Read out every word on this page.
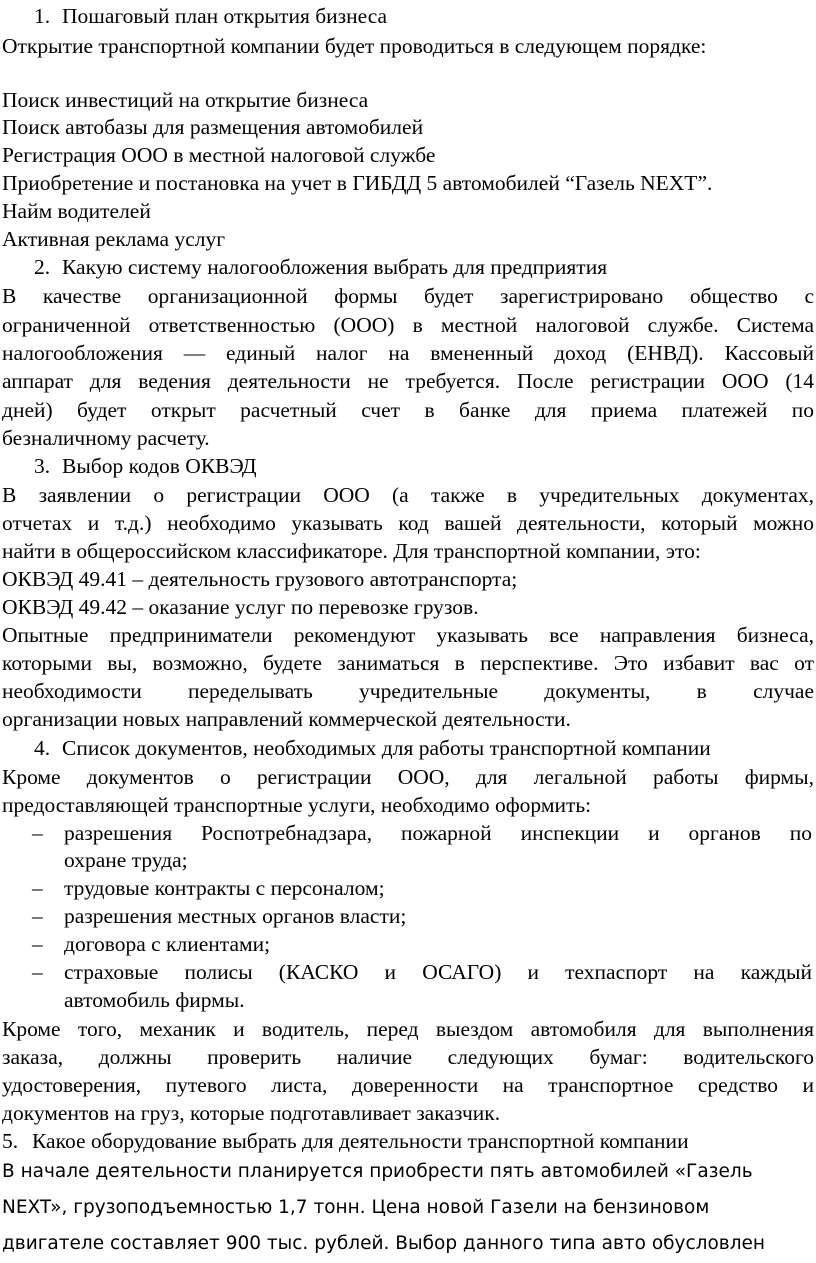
1. Пошаговый план открытия бизнеса
Открытие транспортной компании будет проводиться в следующем порядке:
Поиск инвестиций на открытие бизнеса
Поиск автобазы для размещения автомобилей
Регистрация ООО в местной налоговой службе
Приобретение и постановка на учет в ГИБДД 5 автомобилей “Газель NEXT”.
Найм водителей
Активная реклама услуг
2. Какую систему налогообложения выбрать для предприятия
В качестве организационной формы будет зарегистрировано общество с
ограниченной ответственностью (ООО) в местной налоговой службе. Система
налогообложения — единый налог на вмененный доход (ЕНВД). Кассовый
аппарат для ведения деятельности не требуется. После регистрации ООО (14
дней) будет открыт расчетный счет в банке для приема платежей по
безналичному расчету.
3. Выбор кодов ОКВЭД
В заявлении о регистрации ООО (а также в учредительных документах,
отчетах и т.д.) необходимо указывать код вашей деятельности, который можно
найти в общероссийском классификаторе. Для транспортной компании, это:
ОКВЭД 49.41 – деятельность грузового автотранспорта;
ОКВЭД 49.42 – оказание услуг по перевозке грузов.
Опытные предприниматели рекомендуют указывать все направления бизнеса,
которыми вы, возможно, будете заниматься в перспективе. Это избавит вас от
необходимости переделывать учредительные документы, в случае
организации новых направлений коммерческой деятельности.
4. Список документов, необходимых для работы транспортной компании
Кроме документов о регистрации ООО, для легальной работы фирмы,
предоставляющей транспортные услуги, необходимо оформить:
– разрешения Роспотребнадзара, пожарной инспекции и органов по
охране труда;
– трудовые контракты с персоналом;
– разрешения местных органов власти;
– договора с клиентами;
– страховые полисы (КАСКО и ОСАГО) и техпаспорт на каждый
автомобиль фирмы.
Кроме того, механик и водитель, перед выездом автомобиля для выполнения
заказа, должны проверить наличие следующих бумаг: водительского
удостоверения, путевого листа, доверенности на транспортное средство и
документов на груз, которые подготавливает заказчик.
5. Какое оборудование выбрать для деятельности транспортной компании
В начале деятельности планируется приобрести пять автомобилей «Газель
NEXT», грузоподъемностью 1,7 тонн. Цена новой Газели на бензиновом
двигателе составляет 900 тыс. рублей. Выбор данного типа авто обусловлен
